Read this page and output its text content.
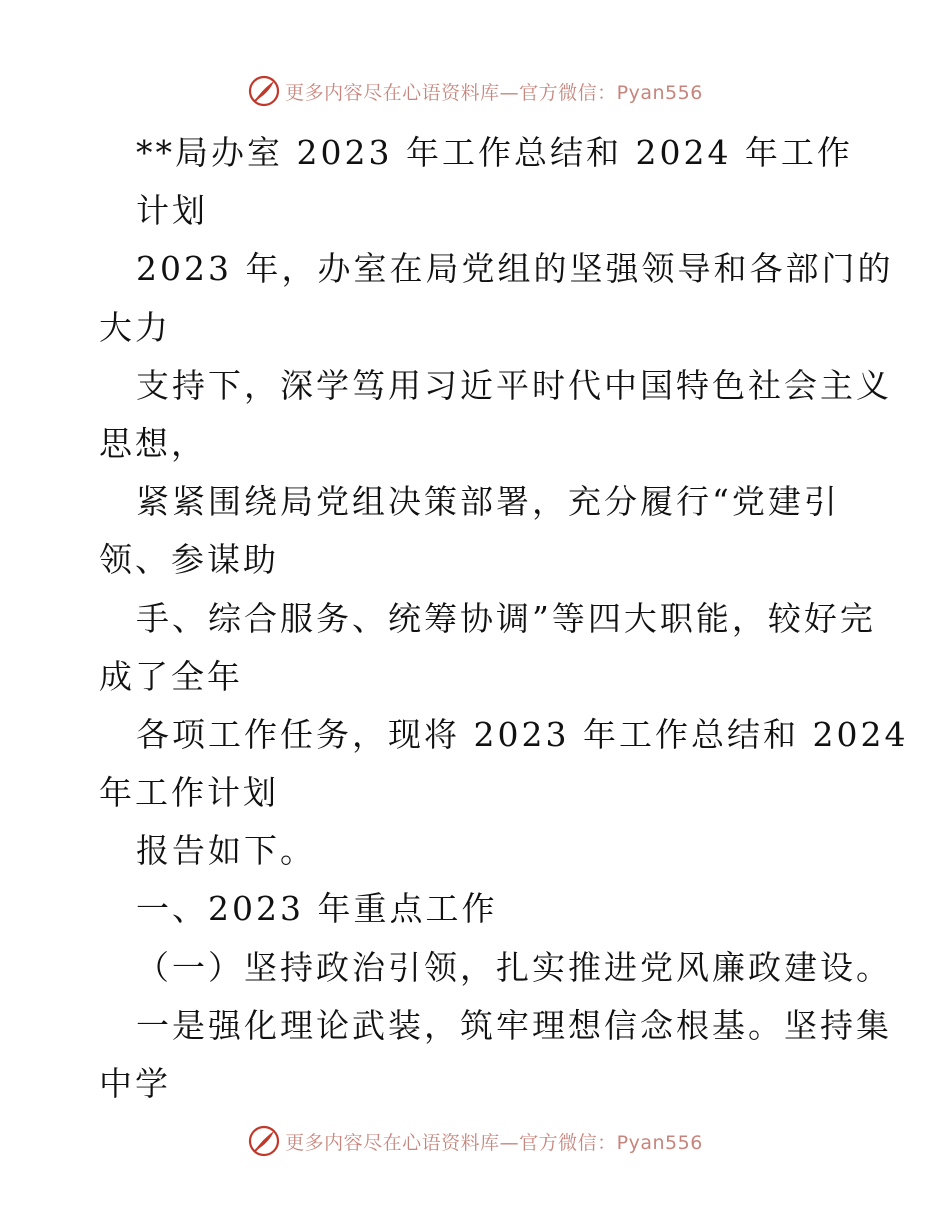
更多内容尽在心语资料库—官方微信：Pyan556
**局办室 2023 年工作总结和 2024 年工作
计划
2023 年，办室在局党组的坚强领导和各部门的
大力
支持下，深学笃用习近平时代中国特色社会主义
思想，
紧紧围绕局党组决策部署，充分履行“党建引
领、参谋助
手、综合服务、统筹协调”等四大职能，较好完
成了全年
各项工作任务，现将 2023 年工作总结和 2024
年工作计划
报告如下。
一、2023 年重点工作
（一）坚持政治引领，扎实推进党风廉政建设。
一是强化理论武装，筑牢理想信念根基。坚持集
中学
更多内容尽在心语资料库—官方微信：Pyan556
